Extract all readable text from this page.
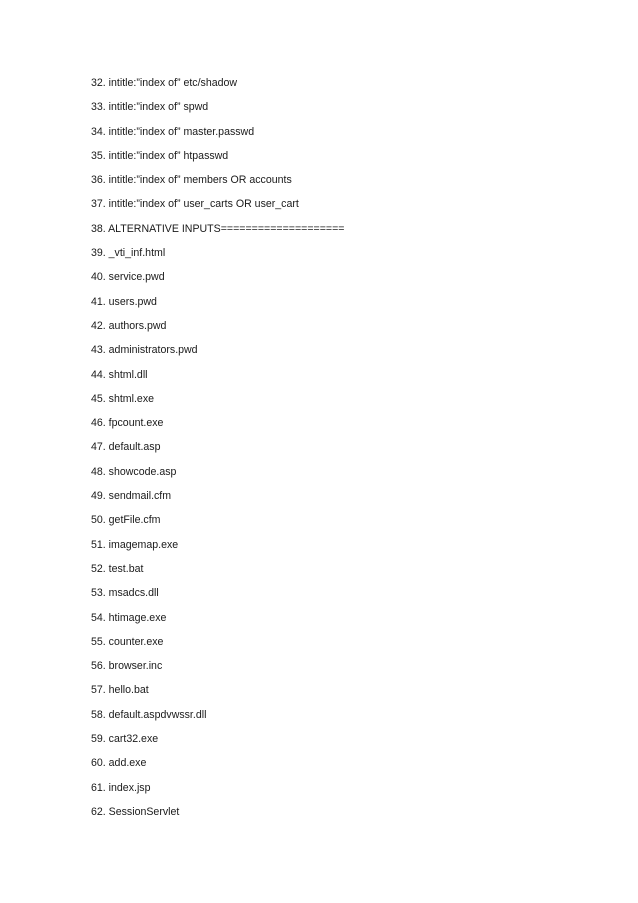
32. intitle:”index of” etc/shadow
33. intitle:”index of” spwd
34. intitle:”index of” master.passwd
35. intitle:”index of” htpasswd
36. intitle:”index of” members OR accounts
37. intitle:”index of” user_carts OR user_cart
38. ALTERNATIVE INPUTS====================
39. _vti_inf.html
40. service.pwd
41. users.pwd
42. authors.pwd
43. administrators.pwd
44. shtml.dll
45. shtml.exe
46. fpcount.exe
47. default.asp
48. showcode.asp
49. sendmail.cfm
50. getFile.cfm
51. imagemap.exe
52. test.bat
53. msadcs.dll
54. htimage.exe
55. counter.exe
56. browser.inc
57. hello.bat
58. default.aspdvwssr.dll
59. cart32.exe
60. add.exe
61. index.jsp
62. SessionServlet
